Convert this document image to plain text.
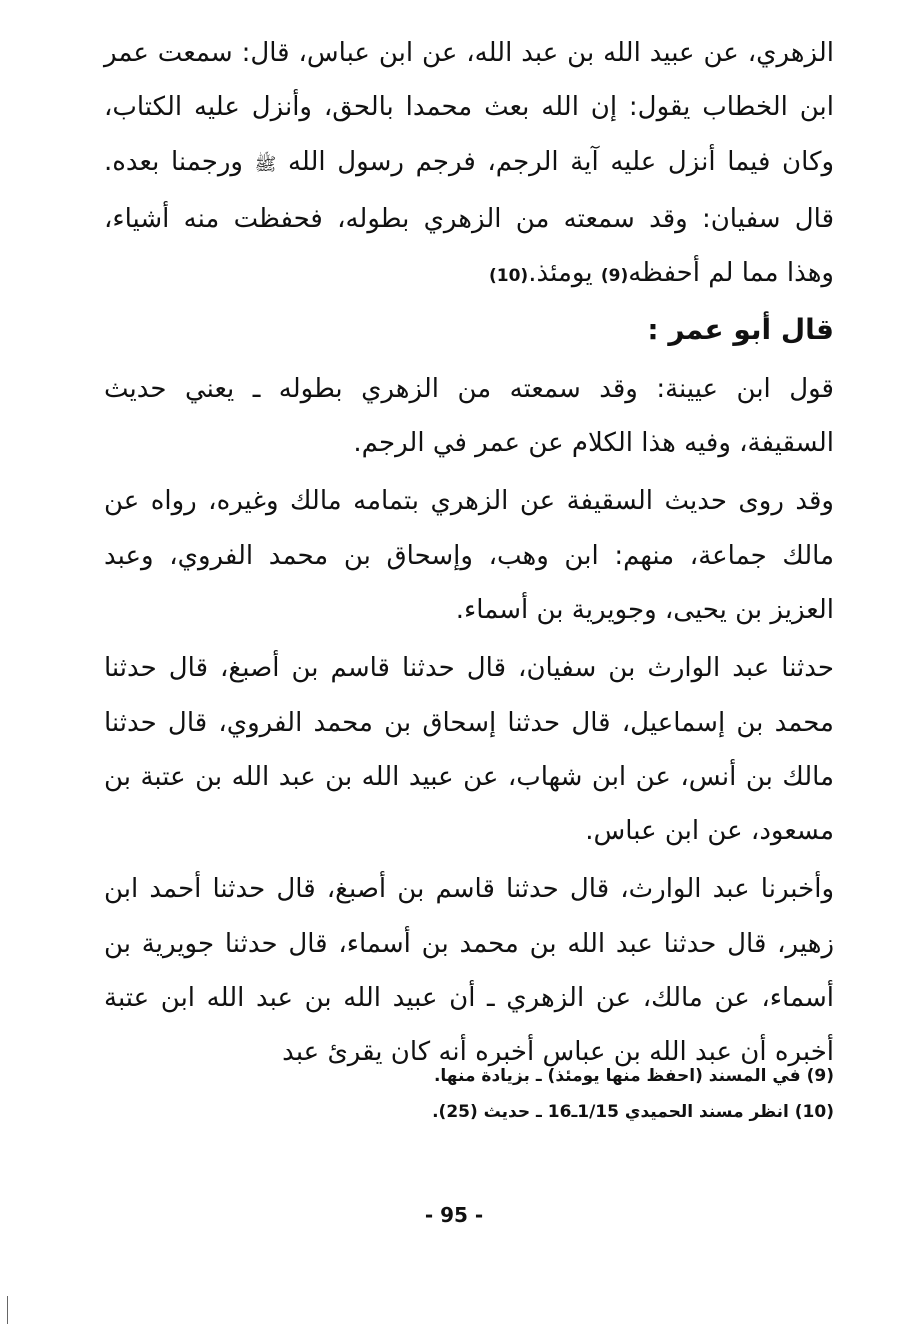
الزهري، عن عبيد الله بن عبد الله، عن ابن عباس، قال: سمعت عمر ابن الخطاب يقول: إن الله بعث محمدا بالحق، وأنزل عليه الكتاب، وكان فيما أنزل عليه آية الرجم، فرجم رسول الله ﷺ ورجمنا بعده. قال سفيان: وقد سمعته من الزهري بطوله، فحفظت منه أشياء، وهذا مما لم أحفظه(9) يومئذ.(10)

قال أبو عمر :

قول ابن عيينة: وقد سمعته من الزهري بطوله ـ يعني حديث السقيفة، وفيه هذا الكلام عن عمر في الرجم.

وقد روى حديث السقيفة عن الزهري بتمامه مالك وغيره، رواه عن مالك جماعة، منهم: ابن وهب، وإسحاق بن محمد الفروي، وعبد العزيز بن يحيى، وجويرية بن أسماء.

حدثنا عبد الوارث بن سفيان، قال حدثنا قاسم بن أصبغ، قال حدثنا محمد بن إسماعيل، قال حدثنا إسحاق بن محمد الفروي، قال حدثنا مالك بن أنس، عن ابن شهاب، عن عبيد الله بن عبد الله بن عتبة بن مسعود، عن ابن عباس.

وأخبرنا عبد الوارث، قال حدثنا قاسم بن أصبغ، قال حدثنا أحمد ابن زهير، قال حدثنا عبد الله بن محمد بن أسماء، قال حدثنا جويرية بن أسماء، عن مالك، عن الزهري ـ أن عبيد الله بن عبد الله ابن عتبة أخبره أن عبد الله بن عباس أخبره أنه كان يقرئ عبد

(9) في المسند (احفظ منها يومئذ) ـ بزيادة منها.

(10) انظر مسند الحميدي 1/15ـ16 ـ حديث (25).

- 95 -
